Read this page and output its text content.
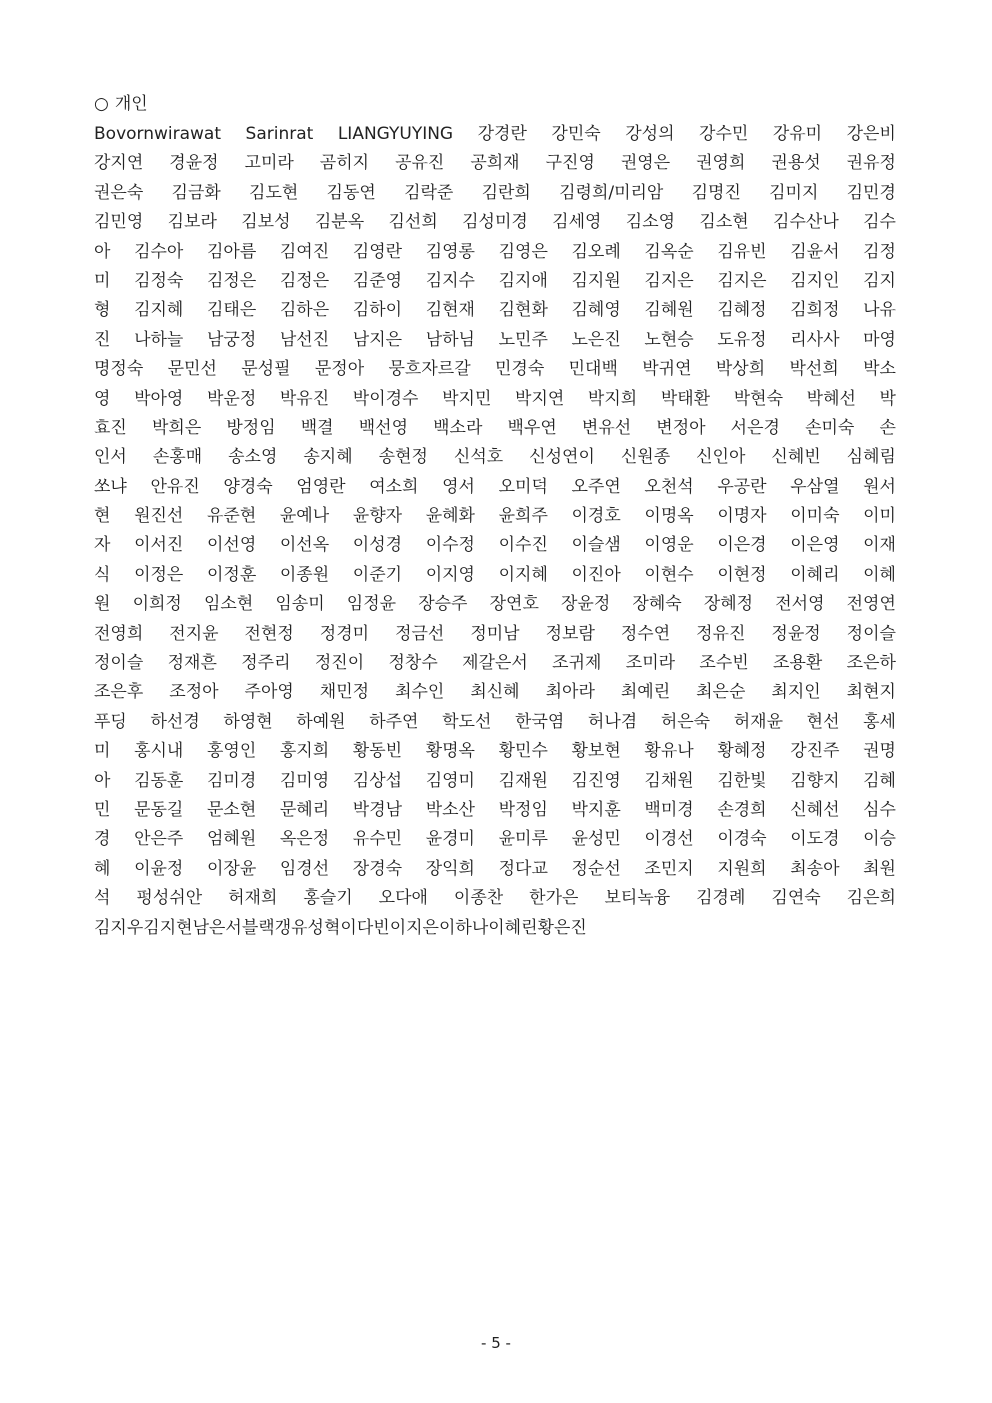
○ 개인
Bovornwirawat Sarinrat LIANGYUYING 강경란 강민숙 강성의 강수민 강유미 강은비
강지연 경윤정 고미라 곰히지 공유진 공희재 구진영 권영은 권영희 권용섯 권유정
권은숙 김금화 김도현 김동연 김락준 김란희 김령희/미리암 김명진 김미지 김민경
김민영 김보라 김보성 김분옥 김선희 김성미경 김세영 김소영 김소현 김수산나 김수
아 김수아 김아름 김여진 김영란 김영롱 김영은 김오례 김옥순 김유빈 김윤서 김정
미 김정숙 김정은 김정은 김준영 김지수 김지애 김지원 김지은 김지은 김지인 김지
형 김지혜 김태은 김하은 김하이 김현재 김현화 김혜영 김혜원 김혜정 김희정 나유
진 나하늘 남궁정 남선진 남지은 남하님 노민주 노은진 노현승 도유정 리사사 마영
명정숙 문민선 문성필 문정아 뭉흐자르갈 민경숙 민대백 박귀연 박상희 박선희 박소
영 박아영 박운정 박유진 박이경수 박지민 박지연 박지희 박태환 박현숙 박혜선 박
효진 박희은 방정임 백결 백선영 백소라 백우연 변유선 변정아 서은경 손미숙 손
인서 손홍매 송소영 송지혜 송현정 신석호 신성연이 신원종 신인아 신혜빈 심혜림
쏘냐 안유진 양경숙 엄영란 여소희 영서 오미덕 오주연 오천석 우공란 우삼열 원서
현 원진선 유준현 윤예나 윤향자 윤혜화 윤희주 이경호 이명옥 이명자 이미숙 이미
자 이서진 이선영 이선옥 이성경 이수정 이수진 이슬샘 이영운 이은경 이은영 이재
식 이정은 이정훈 이종원 이준기 이지영 이지혜 이진아 이현수 이현정 이혜리 이혜
원 이희정 임소현 임송미 임정윤 장승주 장연호 장윤정 장혜숙 장혜정 전서영 전영연
전영희 전지윤 전현정 정경미 정금선 정미남 정보람 정수연 정유진 정윤정 정이슬
정이슬 정재흔 정주리 정진이 정창수 제갈은서 조귀제 조미라 조수빈 조용환 조은하
조은후 조정아 주아영 채민정 최수인 최신혜 최아라 최예린 최은순 최지인 최현지
푸딩 하선경 하영현 하예원 하주연 학도선 한국염 허나겸 허은숙 허재윤 현선 홍세
미 홍시내 홍영인 홍지희 황동빈 황명옥 황민수 황보현 황유나 황혜정 강진주 권명
아 김동훈 김미경 김미영 김상섭 김영미 김재원 김진영 김채원 김한빛 김향지 김혜
민 문동길 문소현 문혜리 박경남 박소산 박정임 박지훈 백미경 손경희 신혜선 심수
경 안은주 엄혜원 옥은정 유수민 윤경미 윤미루 윤성민 이경선 이경숙 이도경 이승
혜 이윤정 이장윤 임경선 장경숙 장익희 정다교 정순선 조민지 지원희 최송아 최원
석 펑성쉬안 허재희 홍슬기 오다애 이종찬 한가은 보티녹융 김경례 김연숙 김은희
김지우 김지현 남은서 블랙갱 유성혁 이다빈 이지은 이하나 이혜린 황은진
- 5 -
